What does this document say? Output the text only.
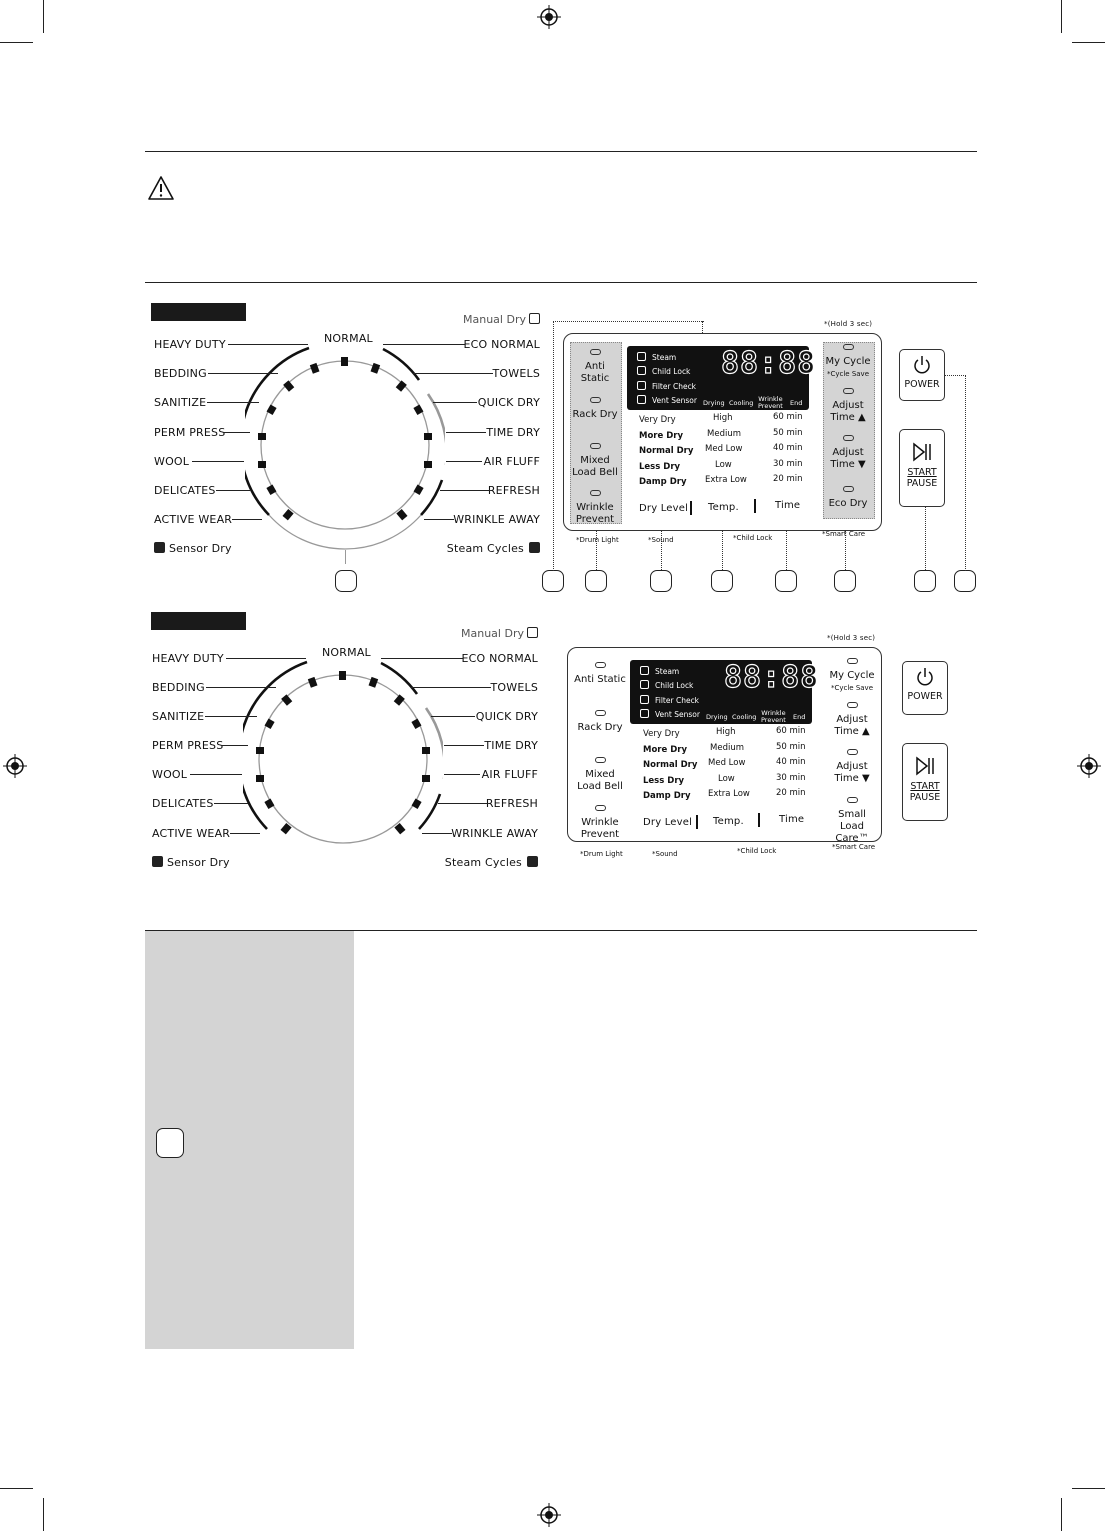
Manual Dry
NORMAL
HEAVY DUTY
BEDDING
SANITIZE
PERM PRESS
WOOL
DELICATES
ACTIVE WEAR
ECO NORMAL
TOWELS
QUICK DRY
TIME DRY
AIR FLUFF
REFRESH
WRINKLE AWAY
Sensor Dry	Steam Cycles
*(Hold 3 sec)
Anti Static
Rack Dry
Mixed
Load Bell
Wrinkle
Prevent
My Cycle
*Cycle Save
Adjust
Time ▲
Adjust
Time ▼
Eco Dry
Steam
Child Lock
Filter Check
Vent Sensor
88:88
Drying Cooling Wrinkle
Prevent End
Very Dry
More Dry
Normal Dry
Less Dry
Damp Dry
High
Medium
Med Low
Low
Extra Low
60 min
50 min
40 min
30 min
20 min
Dry Level Temp.	Time
*Drum Light	*Sound	*Child Lock	*Smart Care
POWER
START
PAUSE
Manual Dry
NORMAL
HEAVY DUTY
BEDDING
SANITIZE
PERM PRESS
WOOL
DELICATES
ACTIVE WEAR
ECO NORMAL
TOWELS
QUICK DRY
TIME DRY
AIR FLUFF
REFRESH
WRINKLE AWAY
Sensor Dry	Steam Cycles
*(Hold 3 sec)
Anti Static
Rack Dry
Mixed
Load Bell
Wrinkle
Prevent
My Cycle
*Cycle Save
Adjust
Time ▲
Adjust
Time ▼
Small
Load Care™
Steam
Child Lock
Filter Check
Vent Sensor
88:88
Drying Cooling Wrinkle
Prevent End
Very Dry
More Dry
Normal Dry
Less Dry
Damp Dry
High
Medium
Med Low
Low
Extra Low
60 min
50 min
40 min
30 min
20 min
Dry Level Temp.	Time
*Drum Light	*Sound	*Child Lock	*Smart Care
POWER
START
PAUSE
